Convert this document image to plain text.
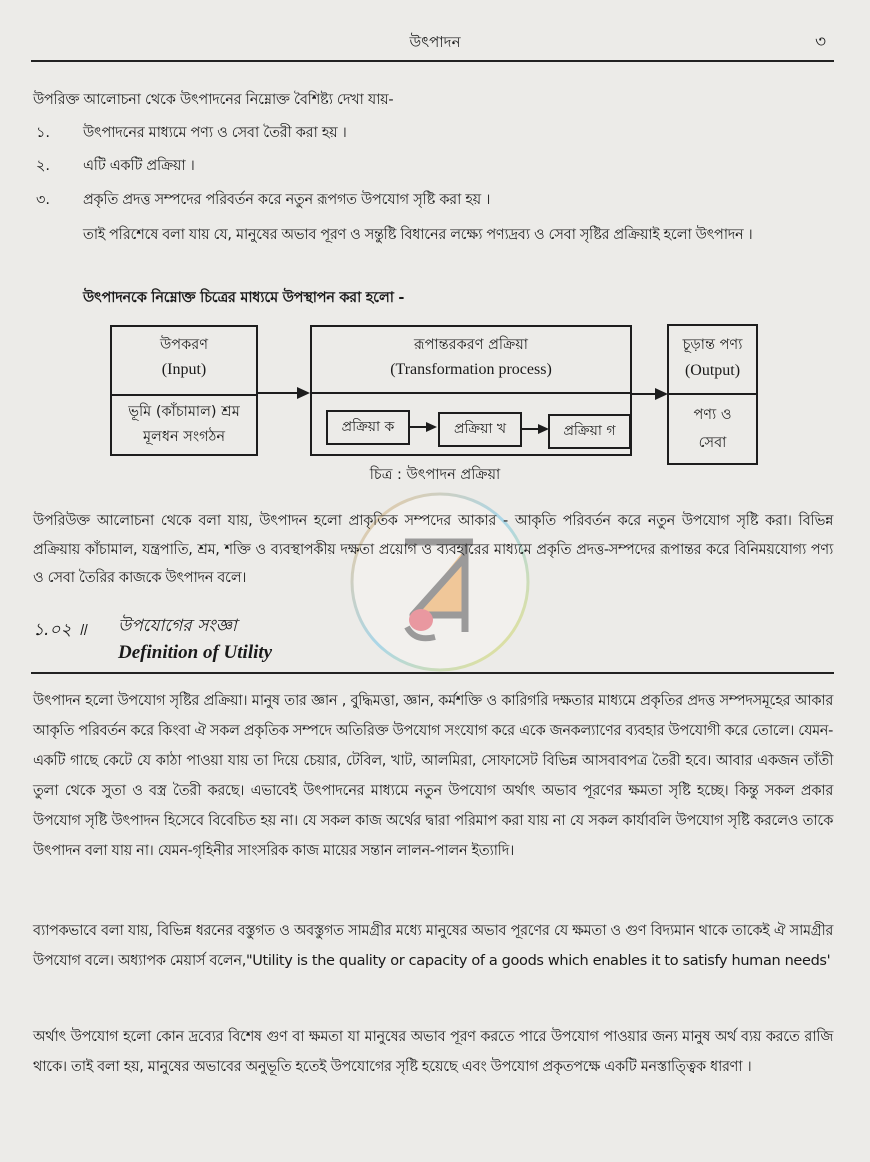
উৎপাদন	৩
উপরিক্ত আলোচনা থেকে উৎপাদনের নিম্নোক্ত বৈশিষ্ট্য দেখা যায়-
১. উৎপাদনের মাধ্যমে পণ্য ও সেবা তৈরী করা হয় ।
২. এটি একটি প্রক্রিয়া ।
৩. প্রকৃতি প্রদত্ত সম্পদের পরিবর্তন করে নতুন রূপগত উপযোগ সৃষ্টি করা হয় ।
তাই পরিশেষে বলা যায় যে, মানুষের অভাব পূরণ ও সন্তুষ্টি বিধানের লক্ষ্যে পণ্যদ্রব্য ও সেবা সৃষ্টির প্রক্রিয়াই হলো উৎপাদন ।
উৎপাদনকে নিম্নোক্ত চিত্রের মাধ্যমে উপস্থাপন করা হলো -
উপকরণ
(Input)
ভূমি (কাঁচামাল) শ্রম
মূলধন সংগঠন
রূপান্তরকরণ প্রক্রিয়া
(Transformation process)
প্রক্রিয়া ক	প্রক্রিয়া খ	প্রক্রিয়া গ
চূড়ান্ত পণ্য
(Output)
পণ্য ও
সেবা
চিত্র : উৎপাদন প্রক্রিয়া
উপরিউক্ত আলোচনা থেকে বলা যায়, উৎপাদন হলো প্রাকৃতিক সম্পদের আকার - আকৃতি পরিবর্তন করে নতুন উপযোগ সৃষ্টি করা। বিভিন্ন প্রক্রিয়ায় কাঁচামাল, যন্ত্রপাতি, শ্রম, শক্তি ও ব্যবস্থাপকীয় দক্ষতা প্রয়োগ ও ব্যবহারের মাধ্যমে প্রকৃতি প্রদত্ত-সম্পদের রূপান্তর করে বিনিময়যোগ্য পণ্য ও সেবা তৈরির কাজকে উৎপাদন বলে।
১.০২ ॥ উপযোগের সংজ্ঞা
Definition of Utility
উৎপাদন হলো উপযোগ সৃষ্টির প্রক্রিয়া। মানুষ তার জ্ঞান , বুদ্ধিমত্তা, জ্ঞান, কর্মশক্তি ও কারিগরি দক্ষতার মাধ্যমে প্রকৃতির প্রদত্ত সম্পদসমূহের আকার আকৃতি পরিবর্তন করে কিংবা ঐ সকল প্রকৃতিক সম্পদে অতিরিক্ত উপযোগ সংযোগ করে একে জনকল্যাণের ব্যবহার উপযোগী করে তোলে। যেমন- একটি গাছে কেটে যে কাঠা পাওয়া যায় তা দিয়ে চেয়ার, টেবিল, খাট, আলমিরা, সোফাসেট বিভিন্ন আসবাবপত্র তৈরী হবে। আবার একজন তাঁতী তুলা থেকে সুতা ও বস্ত্র তৈরী করছে। এভাবেই উৎপাদনের মাধ্যমে নতুন উপযোগ অর্থাৎ অভাব পূরণের ক্ষমতা সৃষ্টি হচ্ছে। কিন্তু সকল প্রকার উপযোগ সৃষ্টি উৎপাদন হিসেবে বিবেচিত হয় না। যে সকল কাজ অর্থের দ্বারা পরিমাপ করা যায় না যে সকল কার্যাবলি উপযোগ সৃষ্টি করলেও তাকে উৎপাদন বলা যায় না। যেমন-গৃহিনীর সাংসরিক কাজ মায়ের সন্তান লালন-পালন ইত্যাদি।
ব্যাপকভাবে বলা যায়, বিভিন্ন ধরনের বস্তুগত ও অবস্তুগত সামগ্রীর মধ্যে মানুষের অভাব পূরণের যে ক্ষমতা ও গুণ বিদ্যমান থাকে তাকেই ঐ সামগ্রীর উপযোগ বলে। অধ্যাপক মেয়ার্স বলেন,"Utility is the quality or capacity of a goods which enables it to satisfy human needs'
অর্থাৎ উপযোগ হলো কোন দ্রব্যের বিশেষ গুণ বা ক্ষমতা যা মানুষের অভাব পূরণ করতে পারে উপযোগ পাওয়ার জন্য মানুষ অর্থ ব্যয় করতে রাজি থাকে। তাই বলা হয়, মানুষের অভাবের অনুভূতি হতেই উপযোগের সৃষ্টি হয়েছে এবং উপযোগ প্রকৃতপক্ষে একটি মনস্তাত্ত্বিক ধারণা ।
